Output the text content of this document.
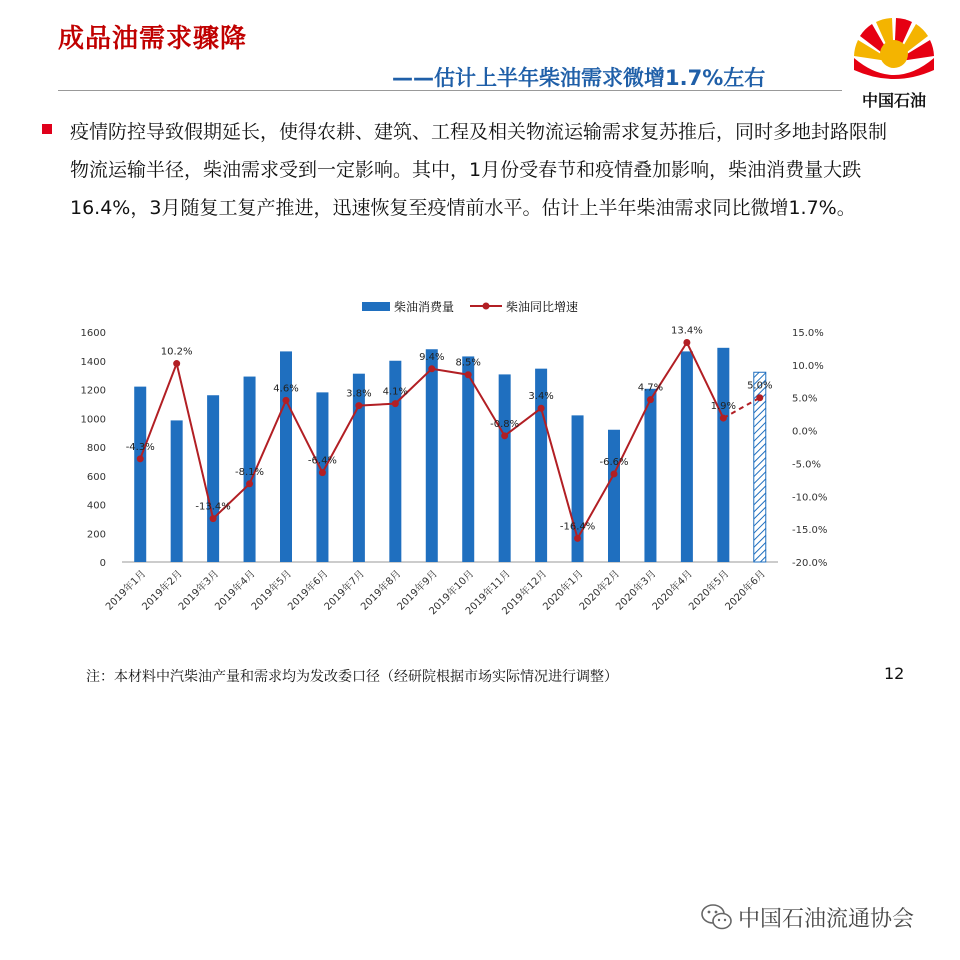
成品油需求骤降
——估计上半年柴油需求微增1.7%左右
中国石油
疫情防控导致假期延长，使得农耕、建筑、工程及相关物流运输需求复苏推后，同时多地封路限制物流运输半径，柴油需求受到一定影响。其中，1月份受春节和疫情叠加影响，柴油消费量大跌16.4%，3月随复工复产推进，迅速恢复至疫情前水平。估计上半年柴油需求同比微增1.7%。
柴油消费量	柴油同比增速
0
200
400
600
800
1000
1200
1400
1600
-20.0%
-15.0%
-10.0%
-5.0%
0.0%
5.0%
10.0%
15.0%
-4.3%
10.2%
-13.4%
-8.1%
4.6%
-6.4%
3.8% 4.1%
9.4%
8.5%
-0.8%
3.4%
-16.4%
-6.6%
4.7%
13.4%
1.9%
5.0%
2019年1月
2019年2月
2019年3月
2019年4月
2019年5月
2019年6月
2019年7月
2019年8月
2019年9月
2019年10月
2019年11月
2019年12月
2020年1月
2020年2月
2020年3月
2020年4月
2020年5月
2020年6月
注：本材料中汽柴油产量和需求均为发改委口径（经研院根据市场实际情况进行调整）	12
中国石油流通协会
